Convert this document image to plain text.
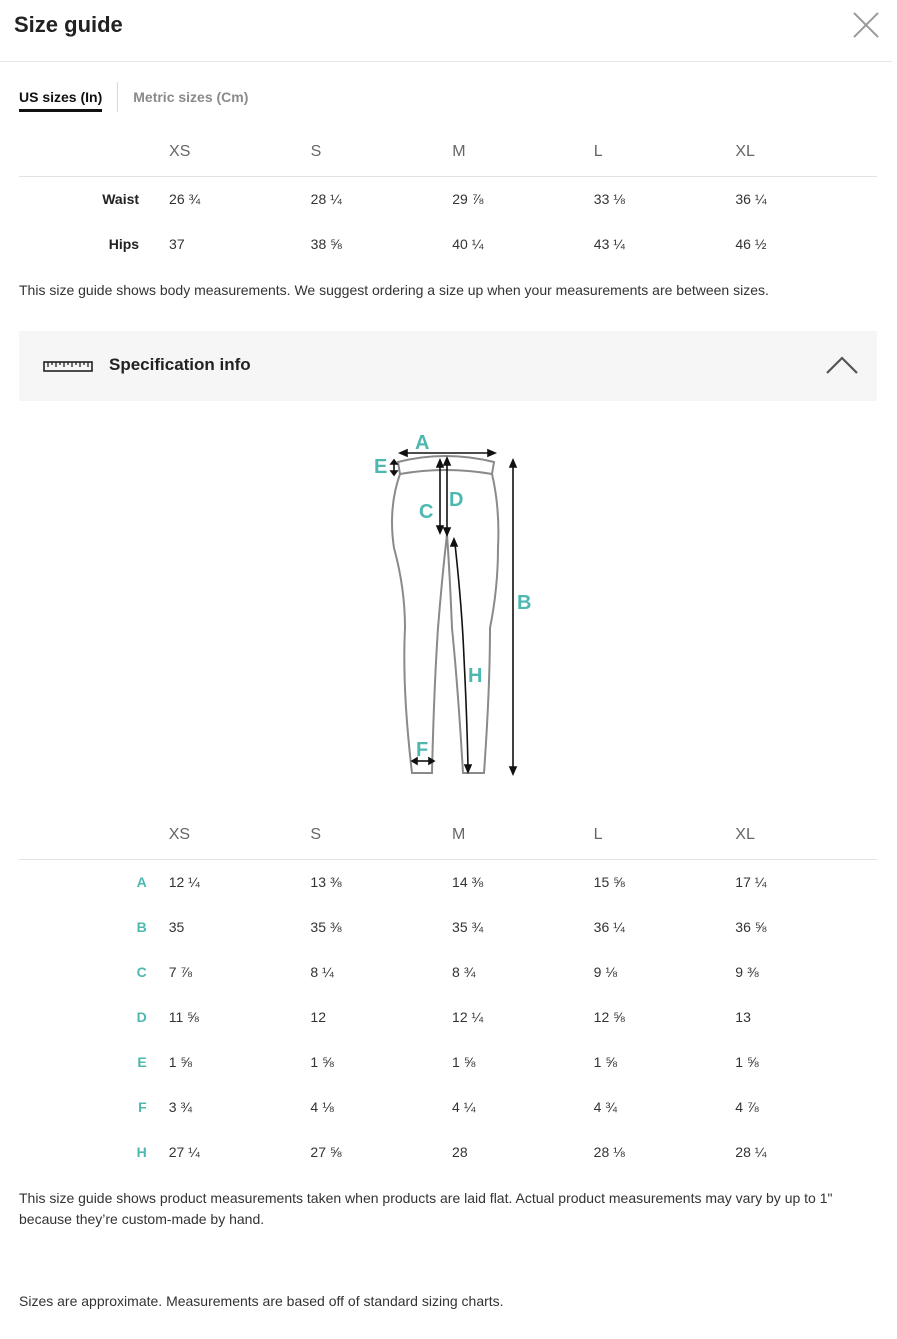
Size guide
US sizes (In) Metric sizes (Cm)
	XS	S	M	L	XL
Waist	26 ¾	28 ¼	29 ⅞	33 ⅛	36 ¼
Hips	37	38 ⅝	40 ¼	43 ¼	46 ½
This size guide shows body measurements. We suggest ordering a size up when your measurements are between sizes.
Specification info
A
B
C
D
E
F
H
	XS	S	M	L	XL
A	12 ¼	13 ⅜	14 ⅜	15 ⅝	17 ¼
B	35	35 ⅜	35 ¾	36 ¼	36 ⅝
C	7 ⅞	8 ¼	8 ¾	9 ⅛	9 ⅜
D	11 ⅝	12	12 ¼	12 ⅝	13
E	1 ⅝	1 ⅝	1 ⅝	1 ⅝	1 ⅝
F	3 ¾	4 ⅛	4 ¼	4 ¾	4 ⅞
H	27 ¼	27 ⅝	28	28 ⅛	28 ¼
This size guide shows product measurements taken when products are laid flat. Actual product measurements may vary by up to 1" because they’re custom-made by hand.
Sizes are approximate. Measurements are based off of standard sizing charts.
